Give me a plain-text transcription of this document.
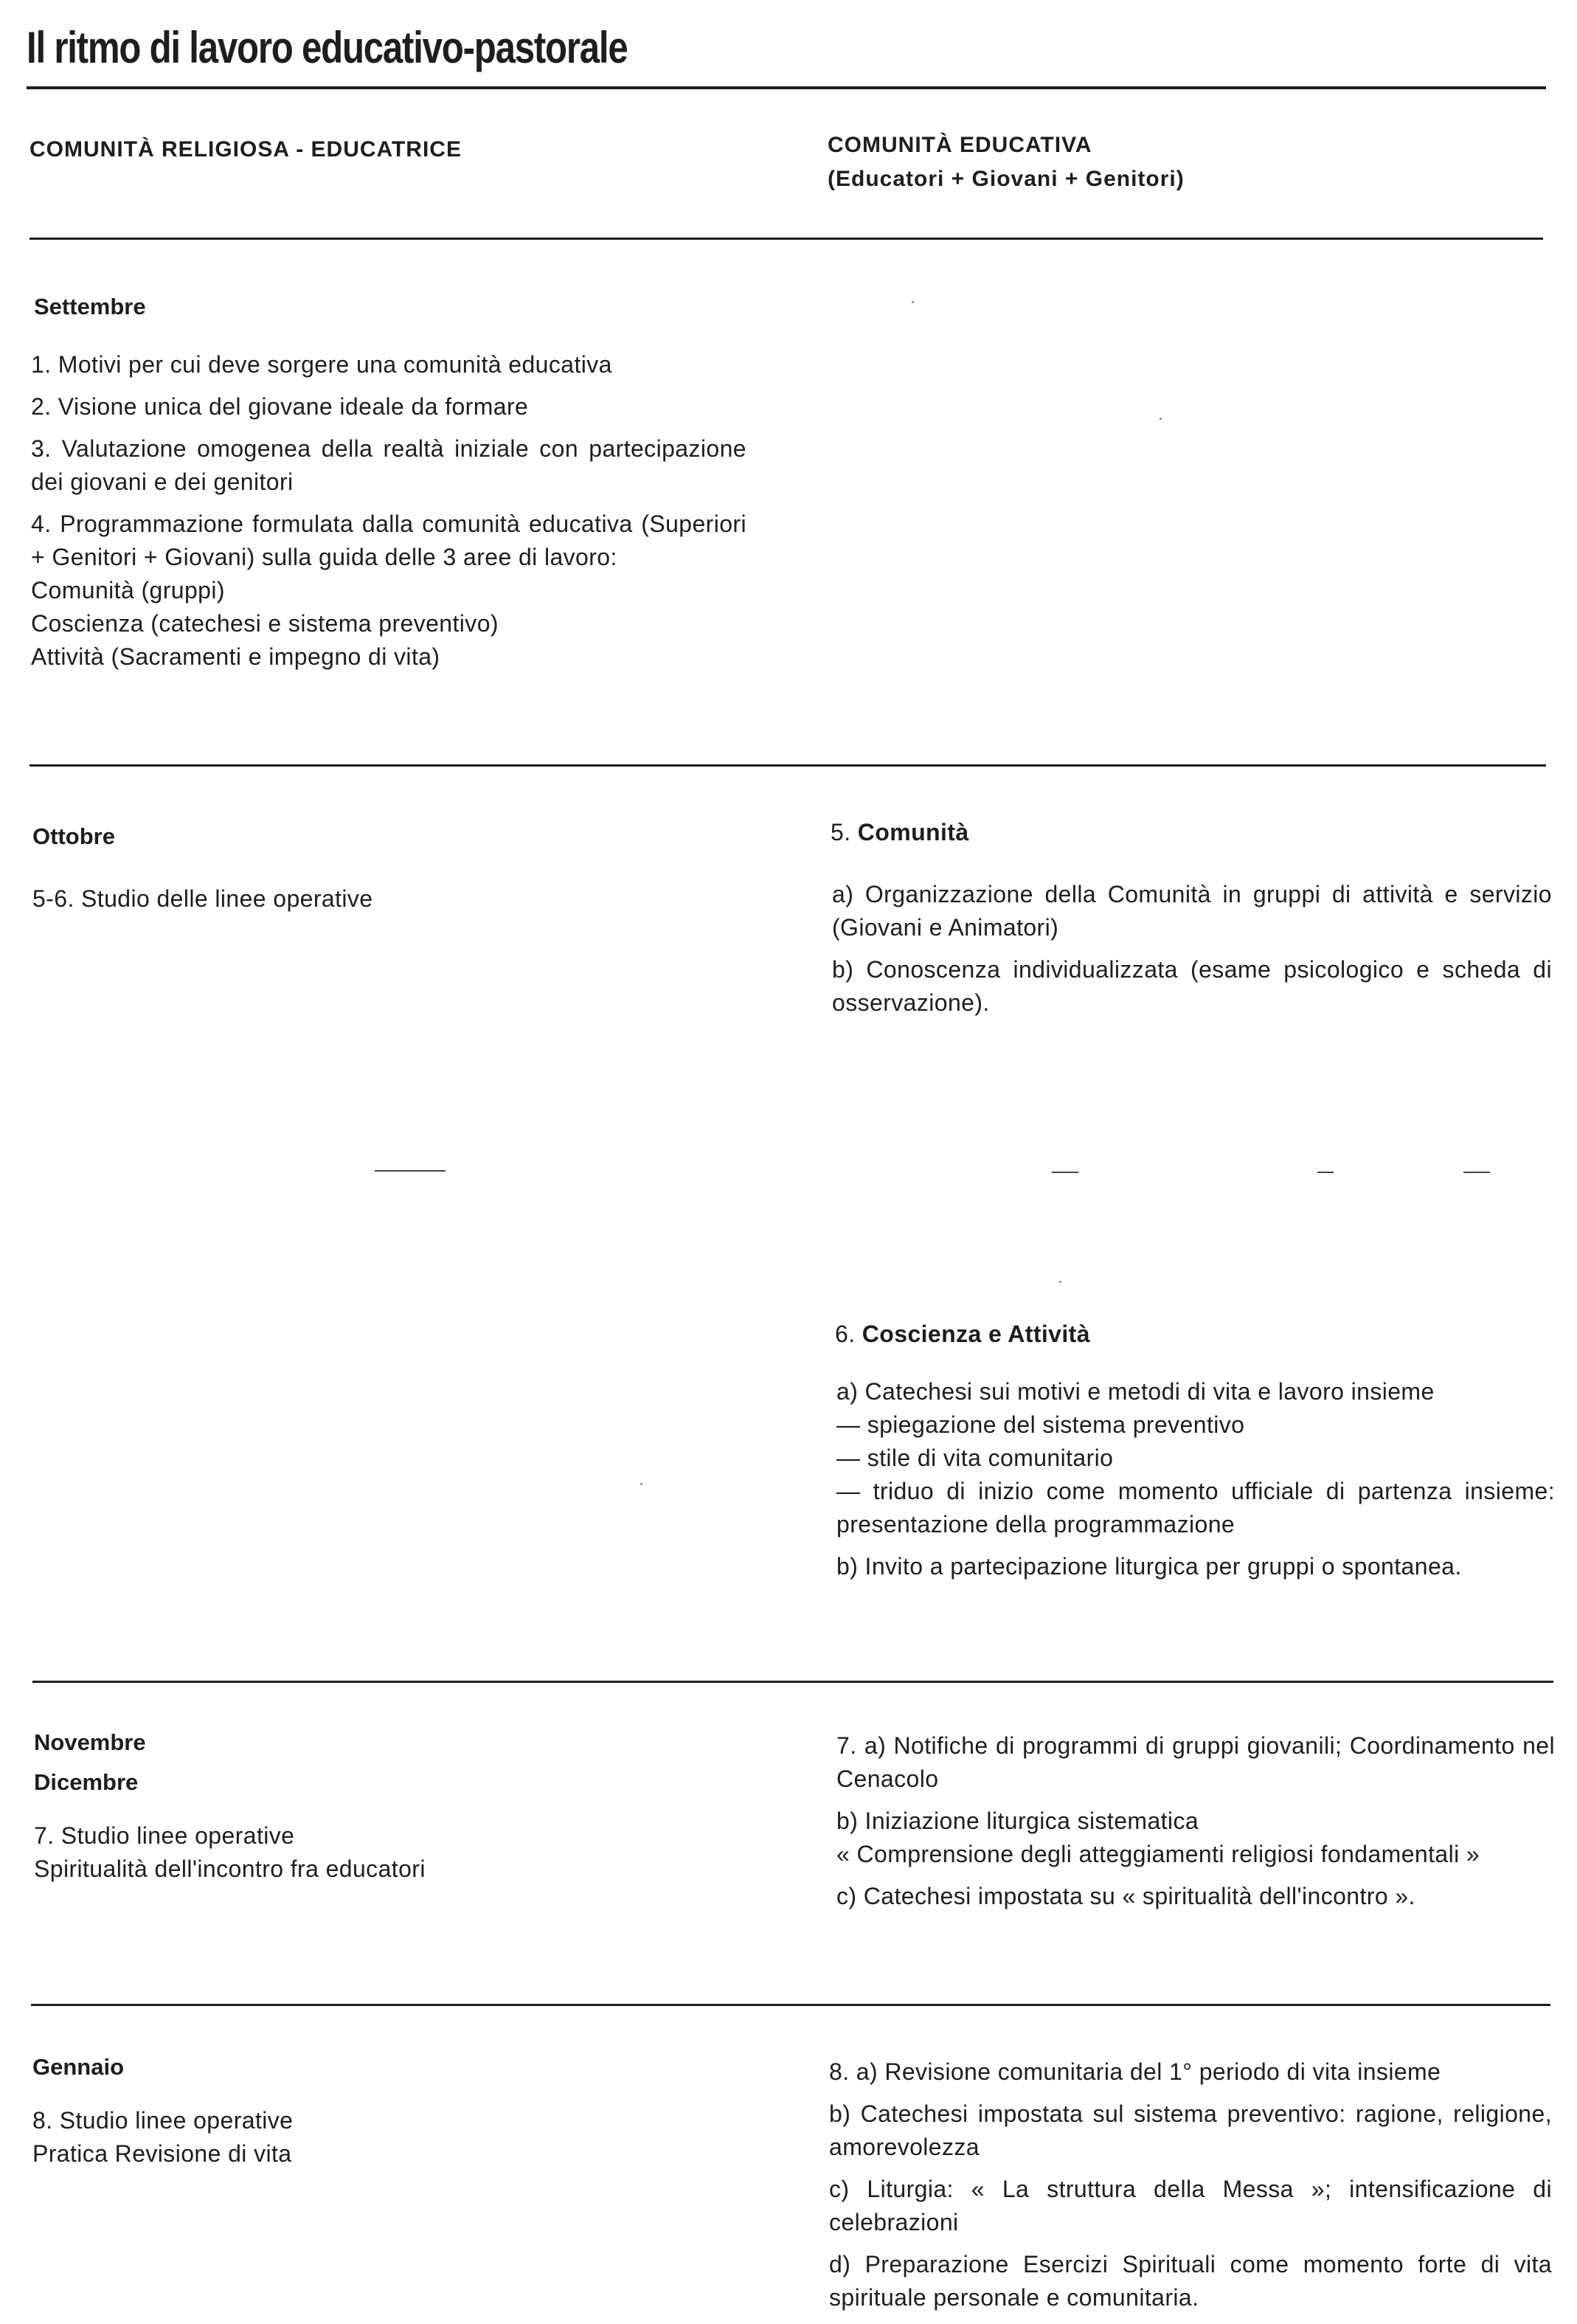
Il ritmo di lavoro educativo-pastorale
COMUNITÀ RELIGIOSA - EDUCATRICE	COMUNITÀ EDUCATIVA
(Educatori + Giovani + Genitori)
Settembre

1. Motivi per cui deve sorgere una comunità educativa

2. Visione unica del giovane ideale da formare

3. Valutazione omogenea della realtà iniziale con partecipazione dei giovani e dei genitori

4. Programmazione formulata dalla comunità educativa (Superiori + Genitori + Giovani) sulla guida delle 3 aree di lavoro:

Comunità (gruppi)

Coscienza (catechesi e sistema preventivo)

Attività (Sacramenti e impegno di vita)

Ottobre
5-6. Studio delle linee operative
5. Comunità

a) Organizzazione della Comunità in gruppi di attività e servizio (Giovani e Animatori)

b) Conoscenza individualizzata (esame psicologico e scheda di osservazione).

6. Coscienza e Attività

a) Catechesi sui motivi e metodi di vita e lavoro insieme

— spiegazione del sistema preventivo

— stile di vita comunitario

— triduo di inizio come momento ufficiale di partenza insieme: presentazione della programmazione

b) Invito a partecipazione liturgica per gruppi o spontanea.

Novembre
Dicembre

7. Studio linee operative

Spiritualità dell'incontro fra educatori

7. a) Notifiche di programmi di gruppi giovanili; Coordinamento nel Cenacolo

b) Iniziazione liturgica sistematica

« Comprensione degli atteggiamenti religiosi fondamentali »

c) Catechesi impostata su « spiritualità dell'incontro ».

Gennaio

8. Studio linee operative

Pratica Revisione di vita

8. a) Revisione comunitaria del 1° periodo di vita insieme

b) Catechesi impostata sul sistema preventivo: ragione, religione, amorevolezza

c) Liturgia: « La struttura della Messa »; intensificazione di celebrazioni

d) Preparazione Esercizi Spirituali come momento forte di vita spirituale personale e comunitaria.
